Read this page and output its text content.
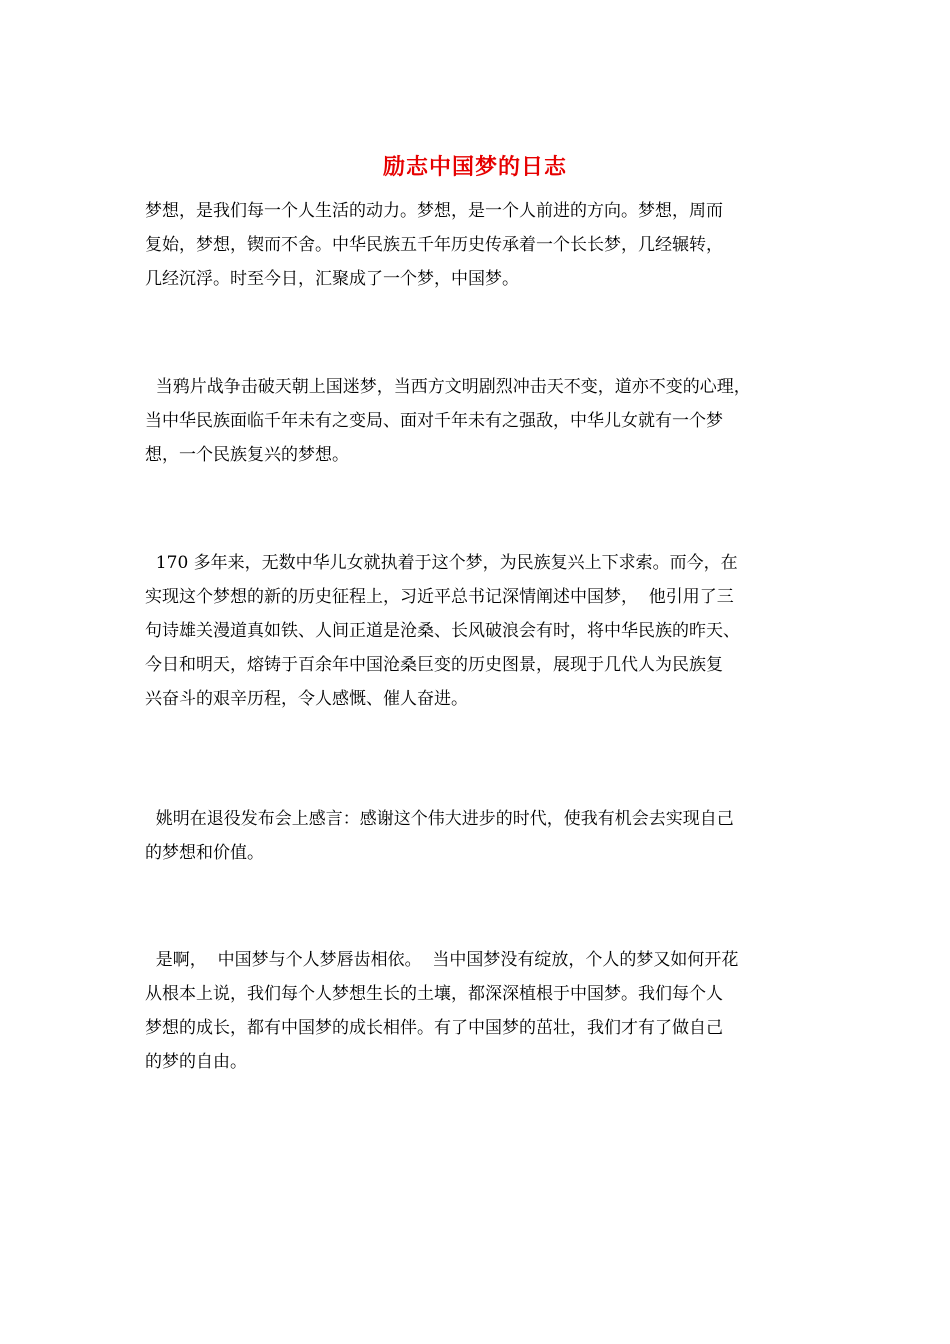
励志中国梦的日志
梦想，是我们每一个人生活的动力。梦想，是一个人前进的方向。梦想，周而
复始，梦想，锲而不舍。中华民族五千年历史传承着一个长长梦，几经辗转，
几经沉浮。时至今日，汇聚成了一个梦，中国梦。
当鸦片战争击破天朝上国迷梦，当西方文明剧烈冲击天不变，道亦不变的心理，
当中华民族面临千年未有之变局、面对千年未有之强敌，中华儿女就有一个梦
想，一个民族复兴的梦想。
170 多年来，无数中华儿女就执着于这个梦，为民族复兴上下求索。而今，在
实现这个梦想的新的历史征程上，习近平总书记深情阐述中国梦，  他引用了三
句诗雄关漫道真如铁、人间正道是沧桑、长风破浪会有时，将中华民族的昨天、
今日和明天，熔铸于百余年中国沧桑巨变的历史图景，展现于几代人为民族复
兴奋斗的艰辛历程，令人感慨、催人奋进。
姚明在退役发布会上感言：感谢这个伟大进步的时代，使我有机会去实现自己
的梦想和价值。
是啊，  中国梦与个人梦唇齿相依。  当中国梦没有绽放，个人的梦又如何开花
从根本上说，我们每个人梦想生长的土壤，都深深植根于中国梦。我们每个人
梦想的成长，都有中国梦的成长相伴。有了中国梦的茁壮，我们才有了做自己
的梦的自由。
